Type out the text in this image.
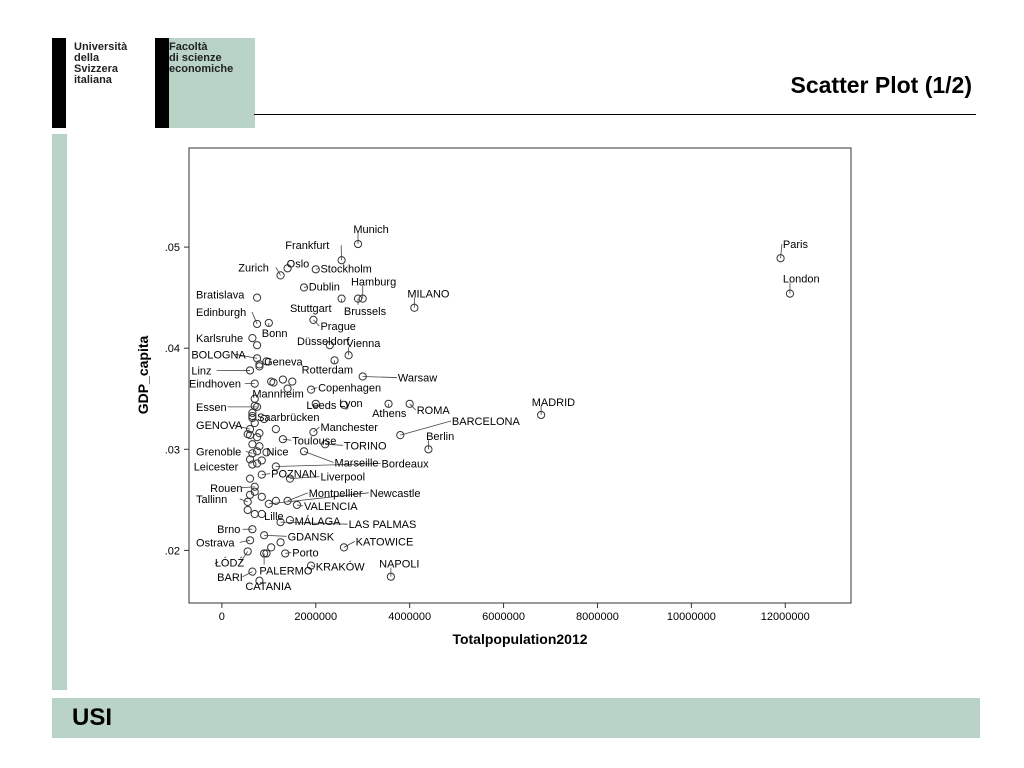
Università
della
Svizzera
italiana
Facoltà
di scienze
economiche
Scatter Plot (1/2)
0	2000000	4000000	6000000	8000000	10000000	12000000
.02
.03
.04
.05
Munich
Frankfurt	Paris
Zurich Oslo Stockholm
London
Hamburg
Dublin
Bratislava	MILANO
Stuttgart Brussels
Edinburgh
Prague
Bonn
Karlsruhe	Düsseldorf
Vienna
BOLOGNA
Geneva
Rotterdam
Linz
Warsaw
Eindhoven	Copenhagen
Mannheim
MADRID
Leeds Lyon
Essen	ROMA
Athens
Saarbrücken	BARCELONA
GENOVA	Manchester
Berlin
Toulouse TORINO
Grenoble Nice
Marseille Bordeaux
Leicester
POZNAN Liverpool
Rouen	Montpellier Newcastle
Tallinn
VALENCIA
Lille MÁLAGA LAS PALMAS
Brno
GDANSK
Ostrava	KATOWICE
Porto
ŁÓDŹ
PALERMO KRAKÓW NAPOLI
BARI
CATANIA
Totalpopulation2012
GDP_capita
USI
